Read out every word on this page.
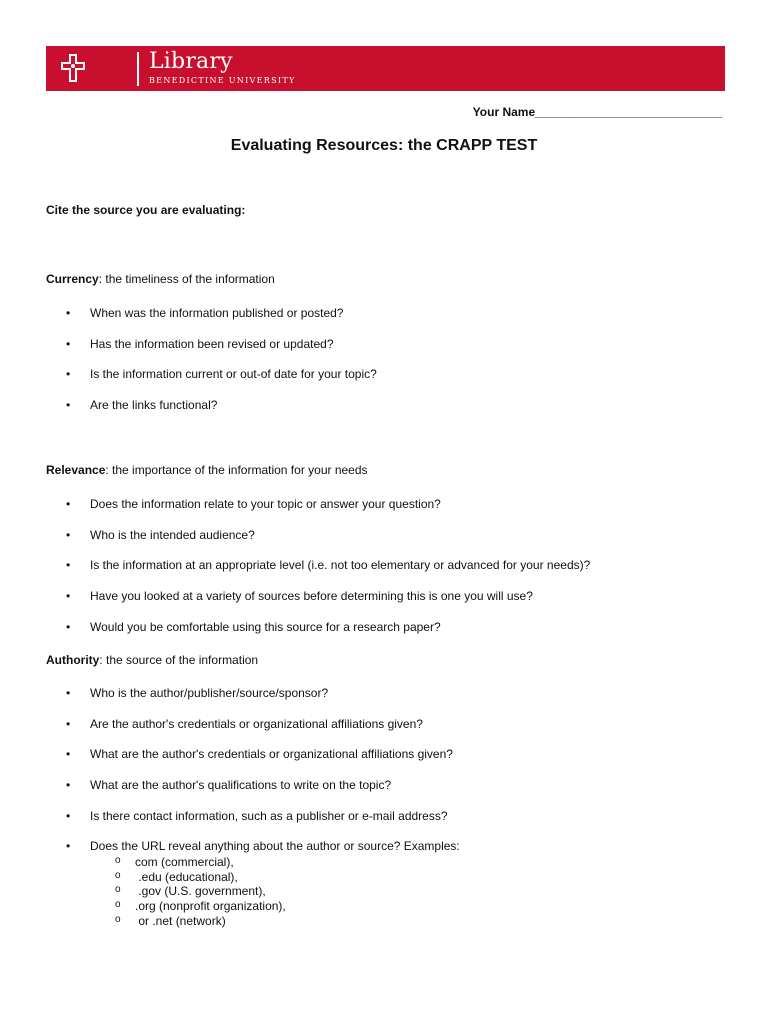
Library
BENEDICTINE UNIVERSITY
Your Name____________________________
Evaluating Resources: the CRAPP TEST
Cite the source you are evaluating:
Currency: the timeliness of the information
• When was the information published or posted?
• Has the information been revised or updated?
• Is the information current or out-of date for your topic?
• Are the links functional?
Relevance: the importance of the information for your needs
• Does the information relate to your topic or answer your question?
• Who is the intended audience?
• Is the information at an appropriate level (i.e. not too elementary or advanced for your needs)?
• Have you looked at a variety of sources before determining this is one you will use?
• Would you be comfortable using this source for a research paper?
Authority: the source of the information
• Who is the author/publisher/source/sponsor?
• Are the author's credentials or organizational affiliations given?
• What are the author's credentials or organizational affiliations given?
• What are the author's qualifications to write on the topic?
• Is there contact information, such as a publisher or e-mail address?
• Does the URL reveal anything about the author or source? Examples:
o com (commercial),
o .edu (educational),
o .gov (U.S. government),
o .org (nonprofit organization),
o or .net (network)
